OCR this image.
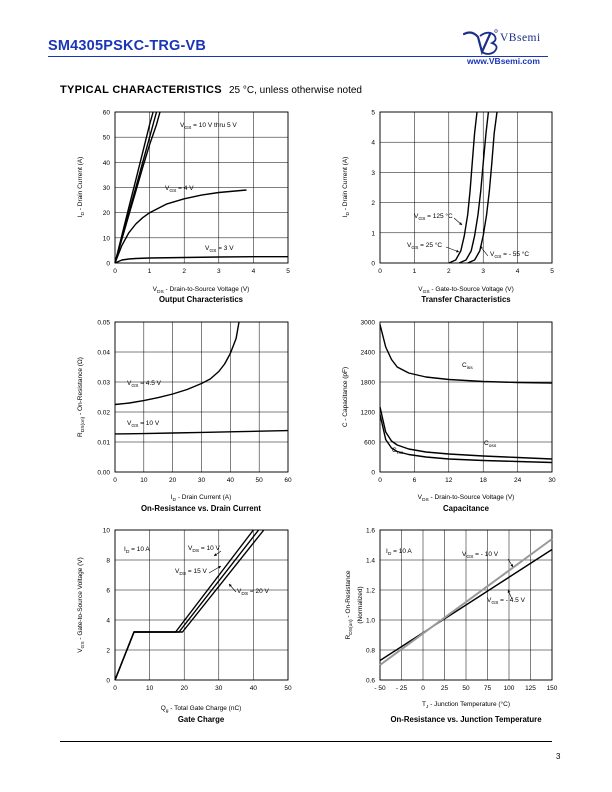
SM4305PSKC-TRG-VB	VBsemi
www.VBsemi.com
TYPICAL CHARACTERISTICS 25 °C, unless otherwise noted
0
10
20
30
40
50
60
0	1	2	3	4	5
$V_{GS} = 10$ V thru 5 V
$V_{GS} = 4$ V
$V_{GS} = 3$ V
$I_D$ - Drain Current (A)
$V_{DS}$ - Drain-to-Source Voltage (V)
Output Characteristics
0
1
2
3
4
5
0	1	2	3	4	5
$V_{GS} = 125$ °C
$V_{GS} = 25$ °C
$V_{GS}$ = - 55 °C
$I_D$ - Drain Current (A)
$V_{GS}$ - Gate-to-Source Voltage (V)
Transfer Characteristics
0.00
0.01
0.02
0.03
0.04
0.05
0	10	20	30	40	50	60
$V_{GS} = 4.5$ V
$V_{GS} = 10$ V
$R_{DS(on)}$ - On-Resistance (Ω)
$I_D$ - Drain Current (A)
On-Resistance vs. Drain Current
0
600
1200
1800
2400
3000
0	6	12	18	24	30
$C_{iss}$
$C_{oss}$
$C_{rss}$
C - Capacitance (pF)
$V_{DS}$ - Drain-to-Source Voltage (V)
Capacitance
0
2
4
6
8
10
0	10	20	30	40	50
$I_D = 10$ A	$V_{DS} = 10$ V
$V_{DS} = 15$ V
$V_{DS} = 20$ V
$V_{GS}$ - Gate-to-Source Voltage (V)
$Q_g$ - Total Gate Charge (nC)
Gate Charge
0.6
0.8
1.0
1.2
1.4
1.6
- 50 - 25 0 25 50 75 100 125 150
$I_D = 10$ A	$V_{GS}$ = - 10 V
$V_{GS}$ = - 4.5 V
$R_{DS(on)}$ - On-Resistance (Normalized)
$T_J$ - Junction Temperature (°C)
On-Resistance vs. Junction Temperature
3
